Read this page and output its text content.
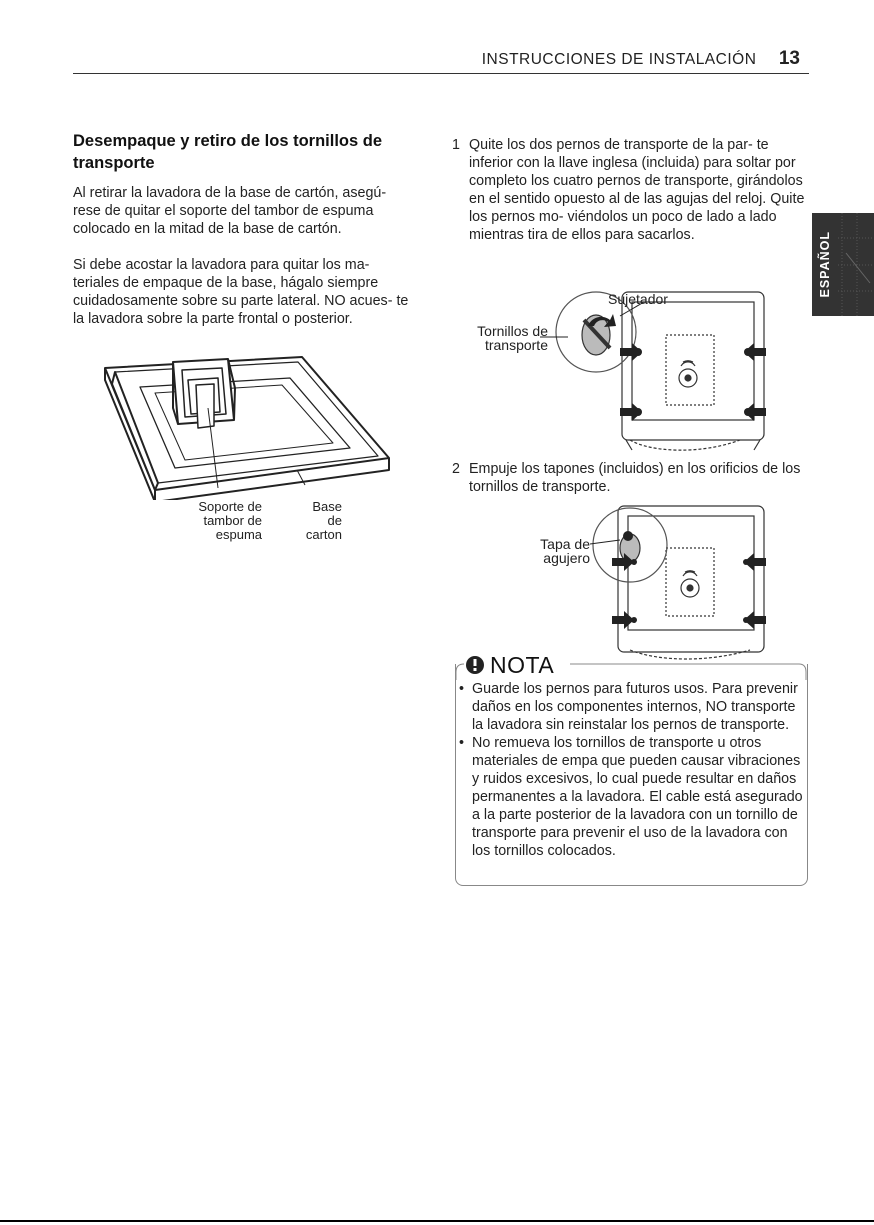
INSTRUCCIONES DE INSTALACIÓN 13
Desempaque y retiro de los tornillos de transporte

Al retirar la lavadora de la base de cartón, asegú- rese de quitar el soporte del tambor de espuma colocado en la mitad de la base de cartón.

Si debe acostar la lavadora para quitar los ma- teriales de empaque de la base, hágalo siempre cuidadosamente sobre su parte lateral. NO acues- te la lavadora sobre la parte frontal o posterior.

Soporte de
tambor de
espuma
Base
de
carton
1 Quite los dos pernos de transporte de la par- te inferior con la llave inglesa (incluida) para soltar por completo los cuatro pernos de transporte, girándolos en el sentido opuesto al de las agujas del reloj. Quite los pernos mo- viéndolos un poco de lado a lado mientras tira de ellos para sacarlos.

Sujetador
Tornillos de
transporte
2 Empuje los tapones (incluidos) en los orificios de los tornillos de transporte.

Tapa de
agujero
ESPAÑOL
NOTA
• Guarde los pernos para futuros usos. Para prevenir daños en los componentes internos, NO transporte la lavadora sin reinstalar los pernos de transporte.
• No remueva los tornillos de transporte u otros materiales de empa que pueden causar vibraciones y ruidos excesivos, lo cual puede resultar en daños permanentes a la lavadora. El cable está asegurado a la parte posterior de la lavadora con un tornillo de transporte para prevenir el uso de la lavadora con los tornillos colocados.
